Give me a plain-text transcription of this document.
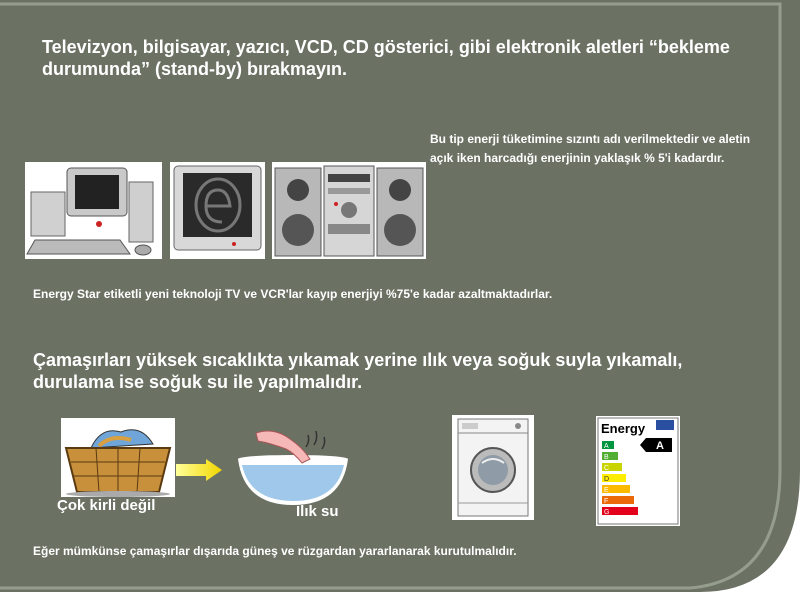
Televizyon, bilgisayar, yazıcı, VCD, CD gösterici, gibi elektronik aletleri “bekleme durumunda” (stand-by) bırakmayın.
Bu tip enerji tüketimine sızıntı adı verilmektedir ve aletin açık iken harcadığı enerjinin yaklaşık % 5'i kadardır.
Energy Star etiketli yeni teknoloji TV ve VCR'lar kayıp enerjiyi %75'e kadar azaltmaktadırlar.
Çamaşırları yüksek sıcaklıkta yıkamak yerine ılık veya soğuk suyla yıkamalı, durulama ise soğuk su ile yapılmalıdır.
Çok kirli değil	Ilık su
Energy
A
B
C
D
E
F
G
A
Eğer mümkünse çamaşırlar dışarıda güneş ve rüzgardan yararlanarak kurutulmalıdır.
